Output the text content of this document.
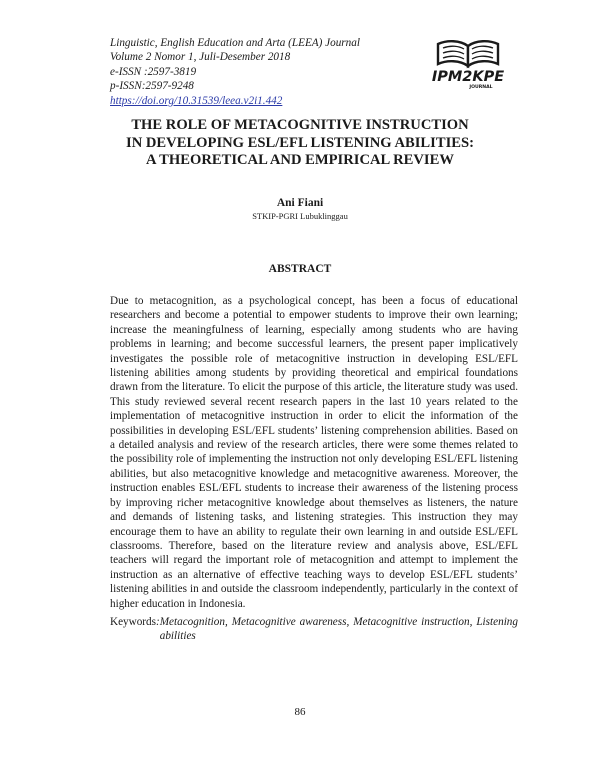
Linguistic, English Education and Arta (LEEA) Journal
Volume 2 Nomor 1, Juli-Desember 2018
e-ISSN :2597-3819
p-ISSN:2597-9248
https://doi.org/10.31539/leea.v2i1.442
IPM2KPE
JOURNAL
THE ROLE OF METACOGNITIVE INSTRUCTION
IN DEVELOPING ESL/EFL LISTENING ABILITIES:
A THEORETICAL AND EMPIRICAL REVIEW
Ani Fiani
STKIP-PGRI Lubuklinggau
ABSTRACT
Due to metacognition, as a psychological concept, has been a focus of educational researchers and become a potential to empower students to improve their own learning; increase the meaningfulness of learning, especially among students who are having problems in learning; and become successful learners, the present paper implicatively investigates the possible role of metacognitive instruction in developing ESL/EFL listening abilities among students by providing theoretical and empirical foundations drawn from the literature. To elicit the purpose of this article, the literature study was used. This study reviewed several recent research papers in the last 10 years related to the implementation of metacognitive instruction in order to elicit the information of the possibilities in developing ESL/EFL students’ listening comprehension abilities. Based on a detailed analysis and review of the research articles, there were some themes related to the possibility role of implementing the instruction not only developing ESL/EFL listening abilities, but also metacognitive knowledge and metacognitive awareness. Moreover, the instruction enables ESL/EFL students to increase their awareness of the listening process by improving richer metacognitive knowledge about themselves as listeners, the nature and demands of listening tasks, and listening strategies. This instruction they may encourage them to have an ability to regulate their own learning in and outside ESL/EFL classrooms. Therefore, based on the literature review and analysis above, ESL/EFL teachers will regard the important role of metacognition and attempt to implement the instruction as an alternative of effective teaching ways to develop ESL/EFL students’ listening abilities in and outside the classroom independently, particularly in the context of higher education in Indonesia.
Keywords: Metacognition, Metacognitive awareness, Metacognitive instruction, Listening abilities
86
